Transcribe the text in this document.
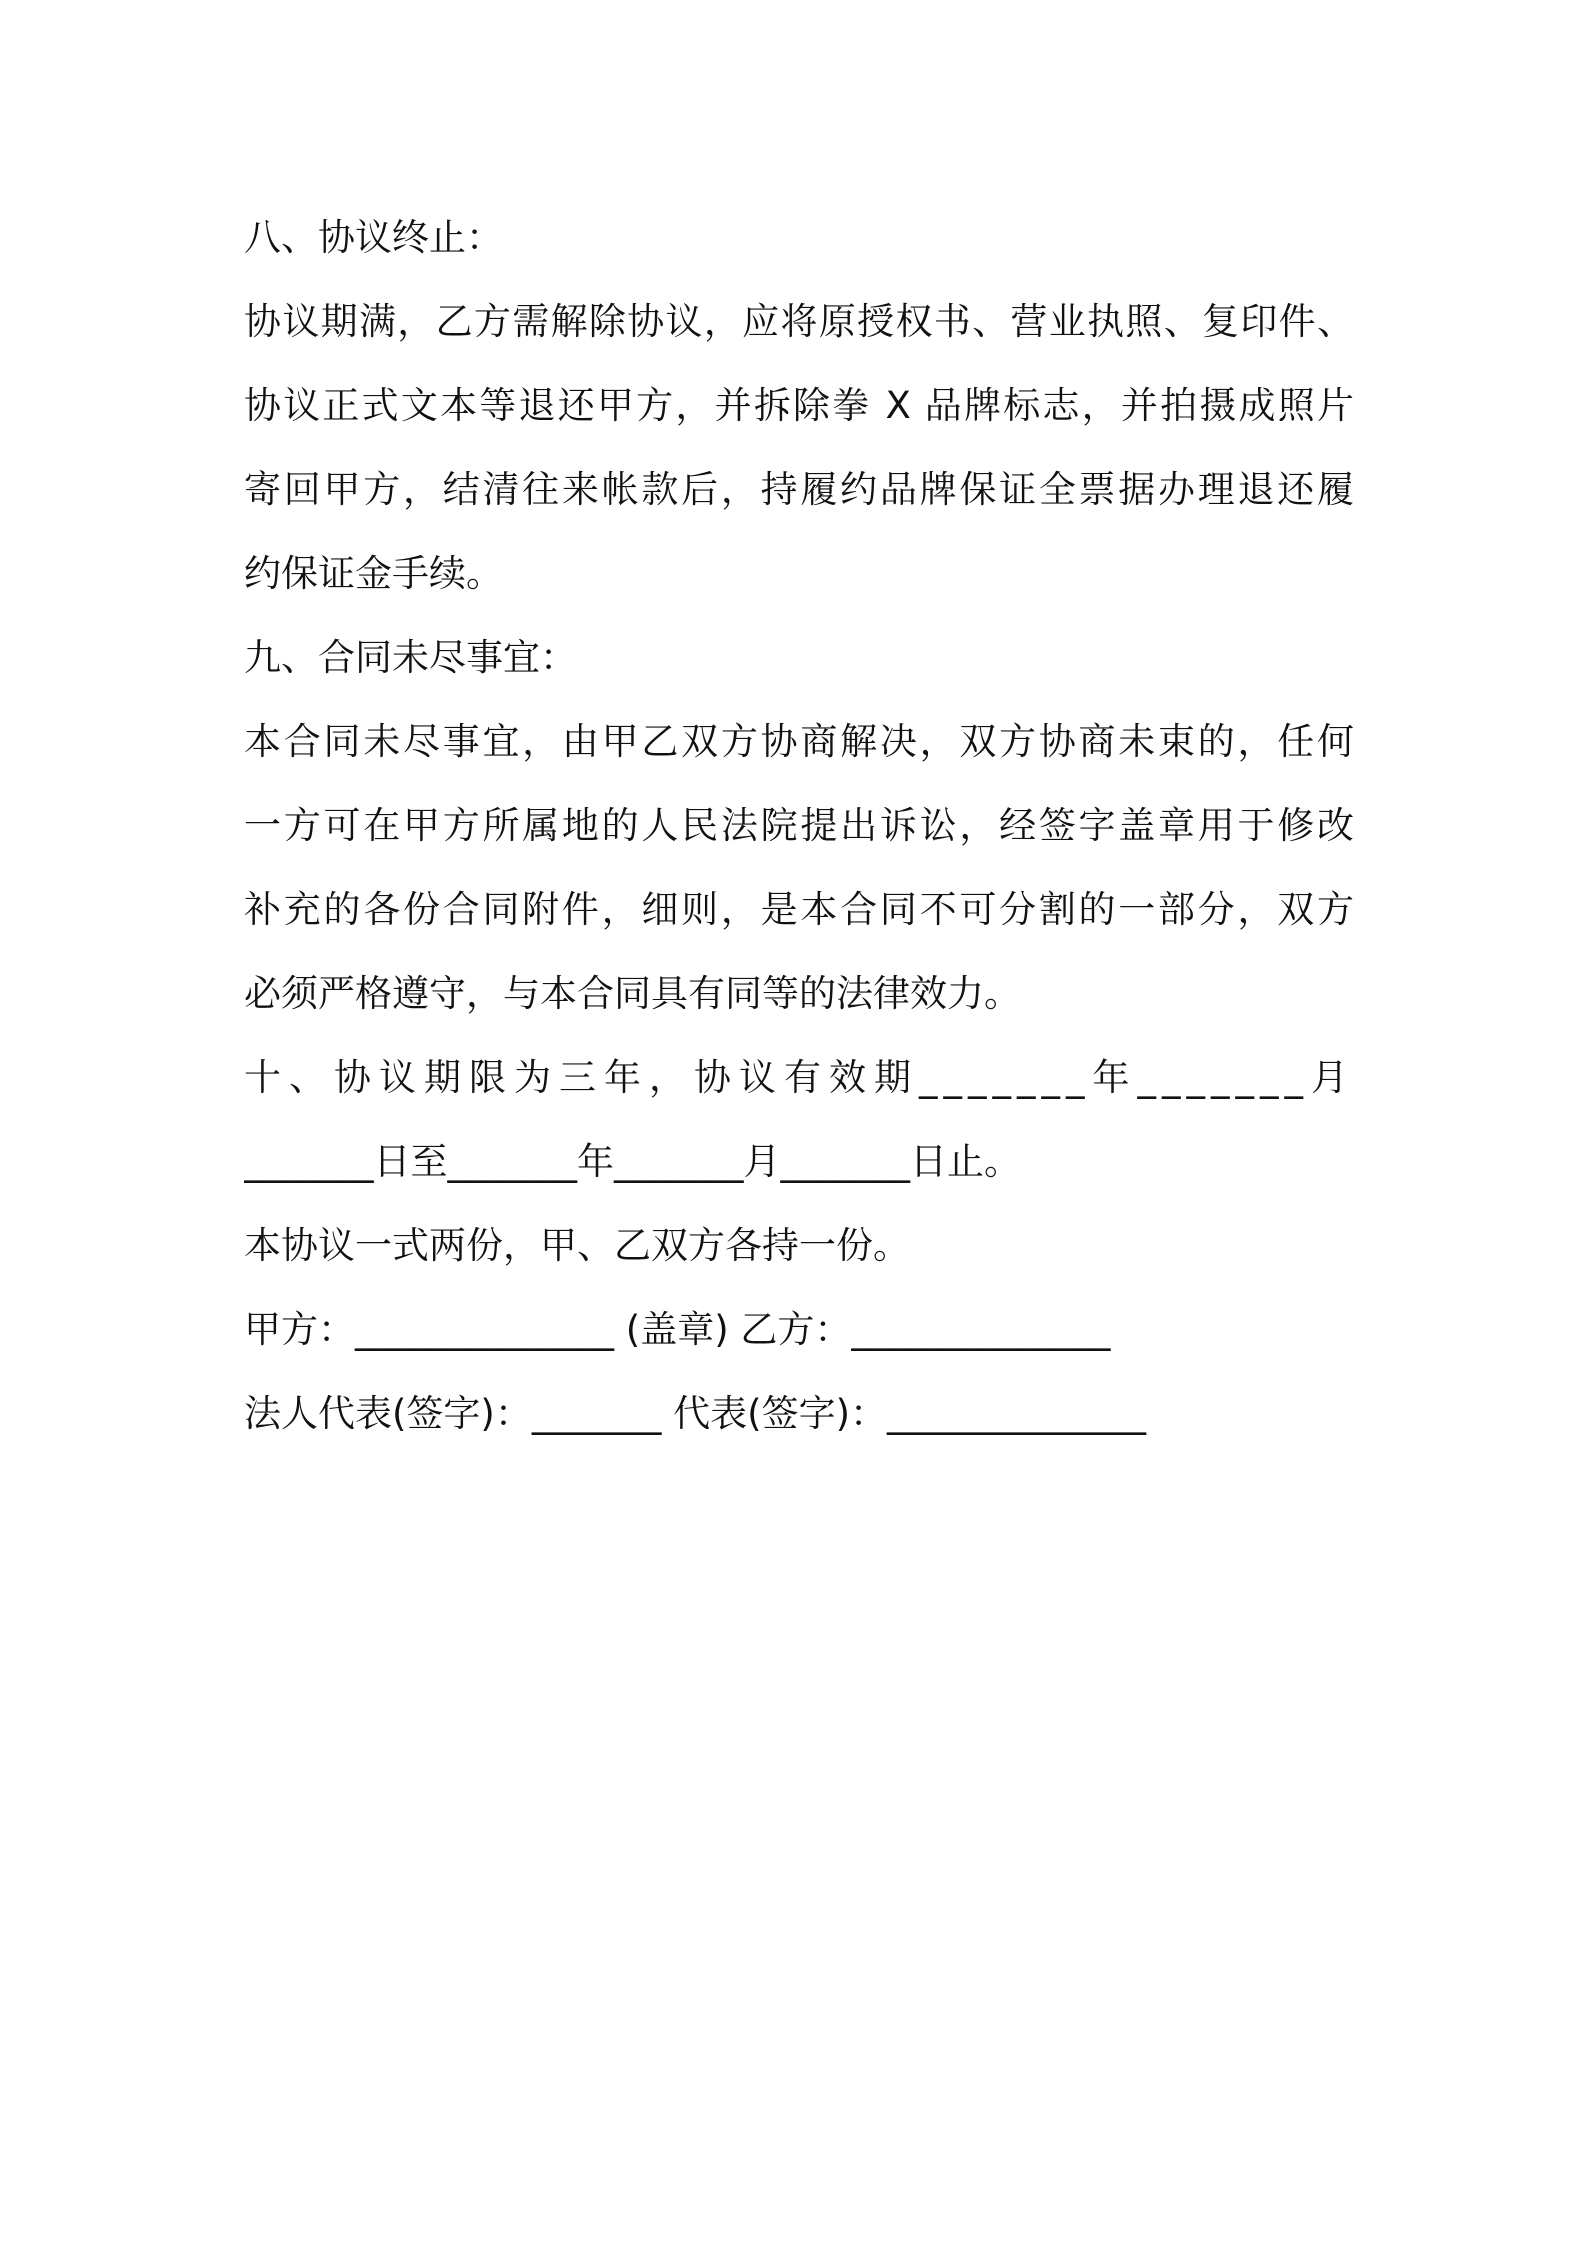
八、协议终止：
协议期满，乙方需解除协议，应将原授权书、营业执照、复印件、
协议正式文本等退还甲方，并拆除拳 X 品牌标志，并拍摄成照片
寄回甲方，结清往来帐款后，持履约品牌保证全票据办理退还履
约保证金手续。
九、合同未尽事宜：
本合同未尽事宜，由甲乙双方协商解决，双方协商未束的，任何
一方可在甲方所属地的人民法院提出诉讼，经签字盖章用于修改
补充的各份合同附件，细则，是本合同不可分割的一部分，双方
必须严格遵守，与本合同具有同等的法律效力。
十、协议期限为三年，协议有效期_______年_______月
_______日至_______年_______月_______日止。
本协议一式两份，甲、乙双方各持一份。
甲方：______________ (盖章) 乙方：______________
法人代表(签字)：_______ 代表(签字)：______________
